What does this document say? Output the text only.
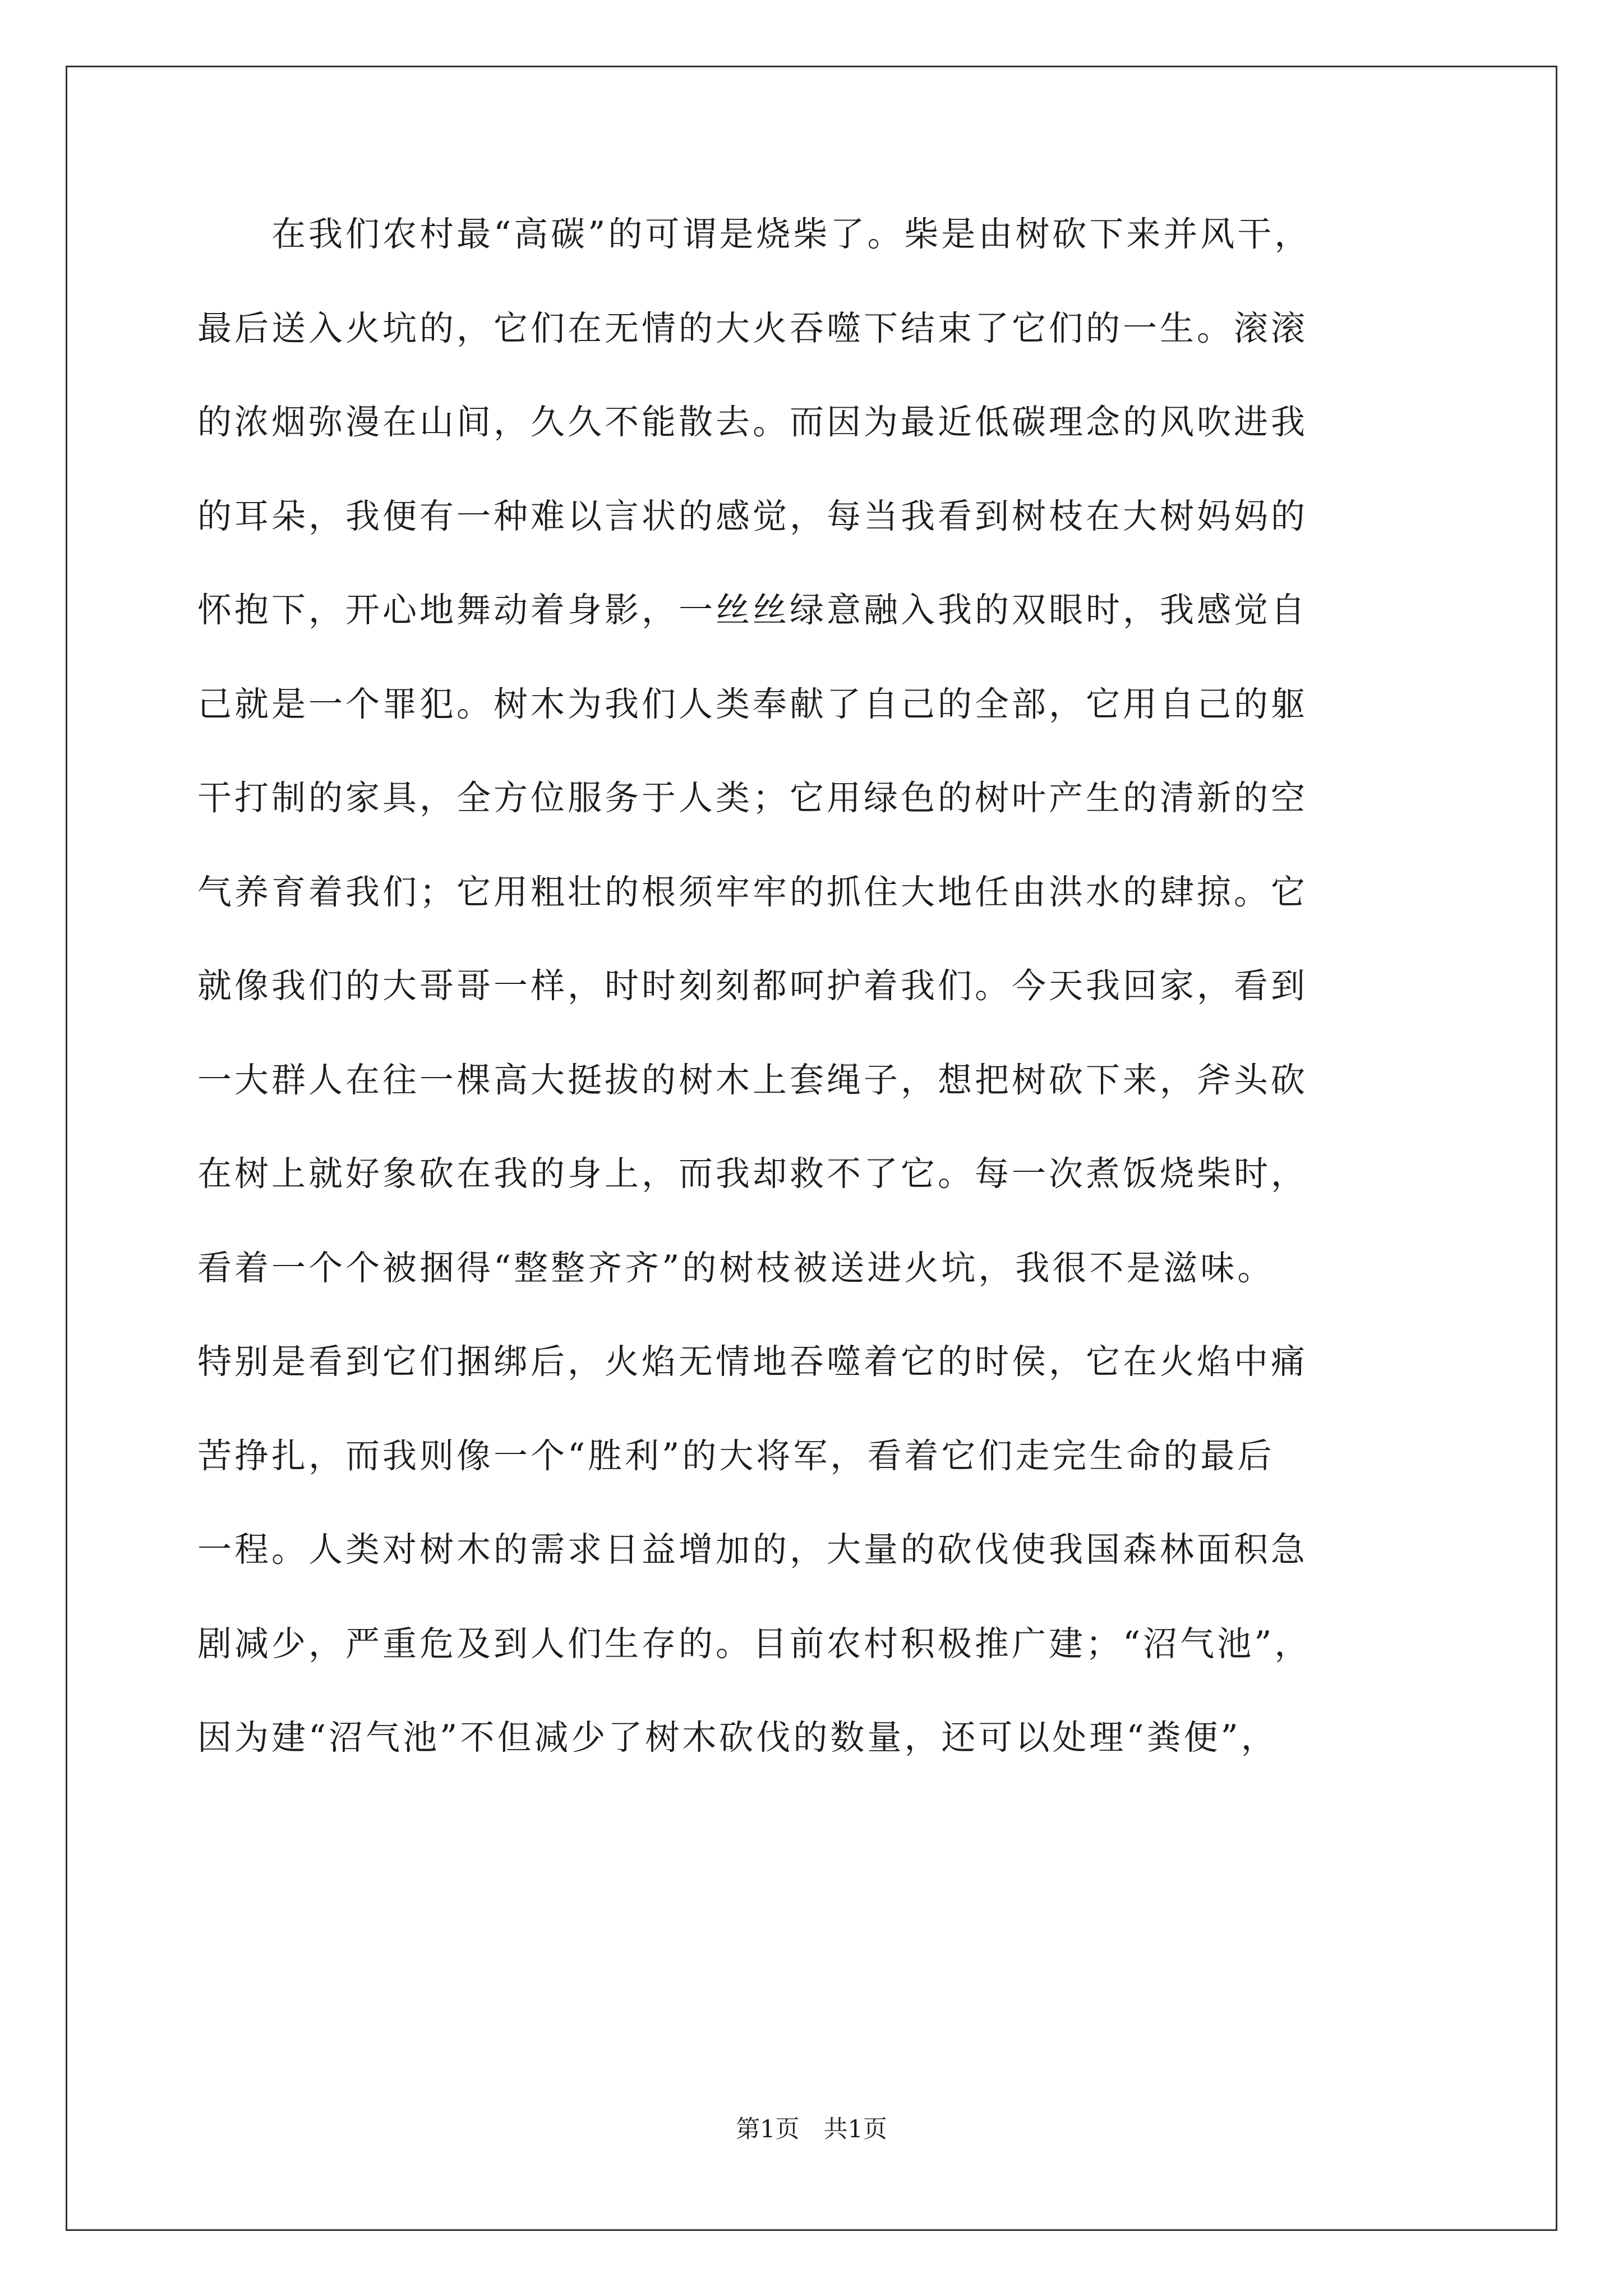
　　在我们农村最“高碳”的可谓是烧柴了。柴是由树砍下来并风干，
最后送入火坑的，它们在无情的大火吞噬下结束了它们的一生。滚滚
的浓烟弥漫在山间，久久不能散去。而因为最近低碳理念的风吹进我
的耳朵，我便有一种难以言状的感觉，每当我看到树枝在大树妈妈的
怀抱下，开心地舞动着身影，一丝丝绿意融入我的双眼时，我感觉自
己就是一个罪犯。树木为我们人类奉献了自己的全部，它用自己的躯
干打制的家具，全方位服务于人类；它用绿色的树叶产生的清新的空
气养育着我们；它用粗壮的根须牢牢的抓住大地任由洪水的肆掠。它
就像我们的大哥哥一样，时时刻刻都呵护着我们。今天我回家，看到
一大群人在往一棵高大挺拔的树木上套绳子，想把树砍下来，斧头砍
在树上就好象砍在我的身上，而我却救不了它。每一次煮饭烧柴时，
看着一个个被捆得“整整齐齐”的树枝被送进火坑，我很不是滋味。
特别是看到它们捆绑后，火焰无情地吞噬着它的时侯，它在火焰中痛
苦挣扎，而我则像一个“胜利”的大将军，看着它们走完生命的最后
一程。人类对树木的需求日益增加的，大量的砍伐使我国森林面积急
剧减少，严重危及到人们生存的。目前农村积极推广建；“沼气池”，
因为建“沼气池”不但减少了树木砍伐的数量，还可以处理“粪便”，
第1页　共1页
